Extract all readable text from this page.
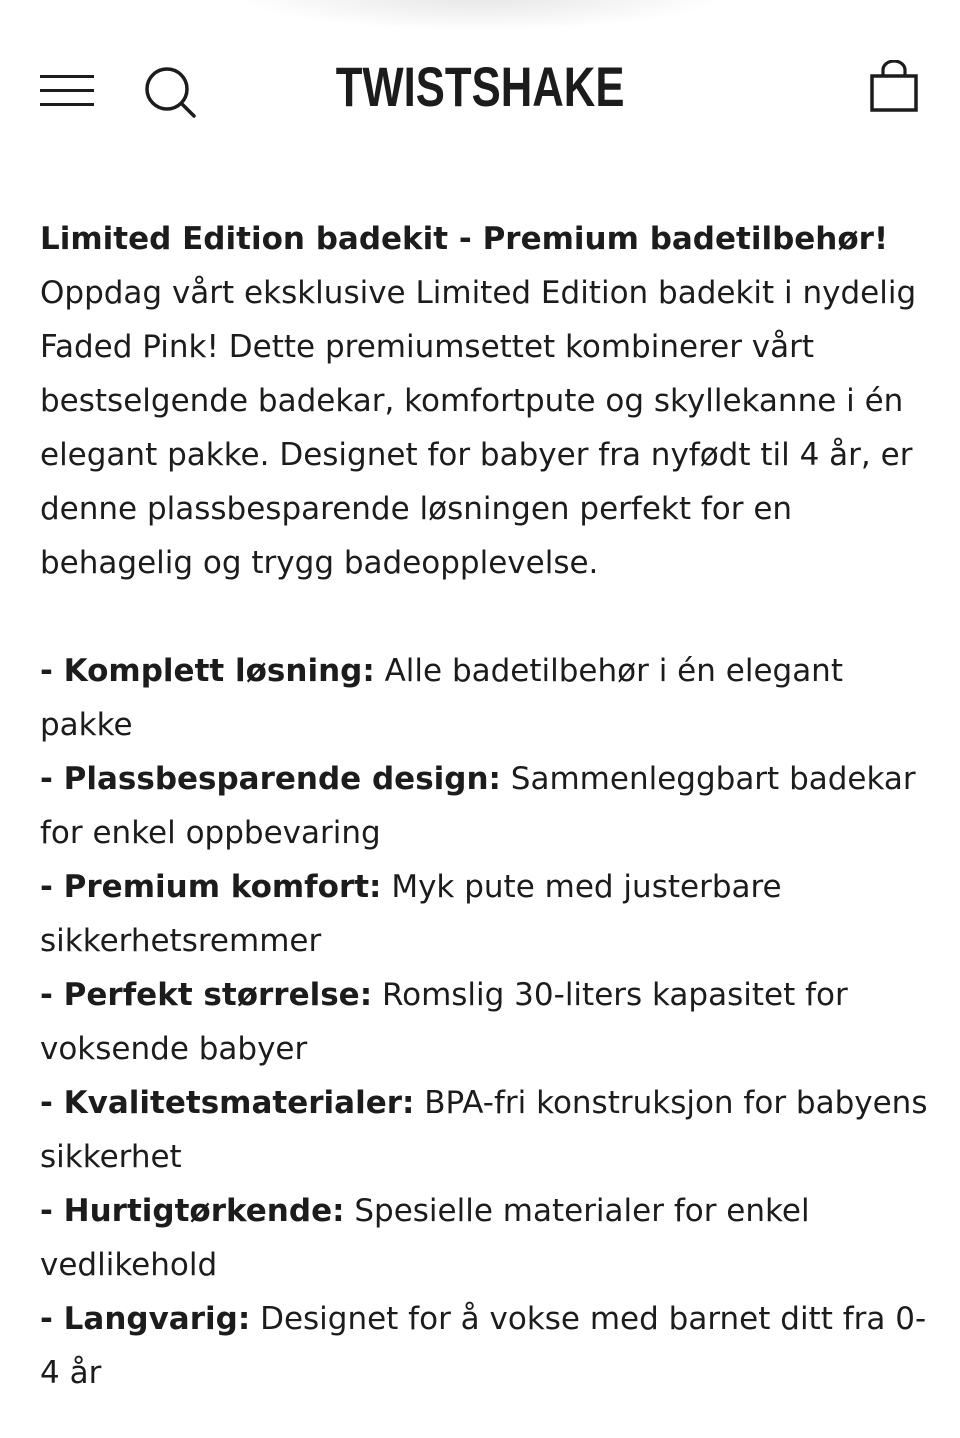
TWISTSHAKE

Limited Edition badekit - Premium badetilbehør!

Oppdag vårt eksklusive Limited Edition badekit i nydelig Faded Pink! Dette premiumsettet kombinerer vårt bestselgende badekar, komfortpute og skyllekanne i én elegant pakke. Designet for babyer fra nyfødt til 4 år, er denne plassbesparende løsningen perfekt for en behagelig og trygg badeopplevelse.

- Komplett løsning: Alle badetilbehør i én elegant pakke
- Plassbesparende design: Sammenleggbart badekar for enkel oppbevaring
- Premium komfort: Myk pute med justerbare sikkerhetsremmer
- Perfekt størrelse: Romslig 30-liters kapasitet for voksende babyer
- Kvalitetsmaterialer: BPA-fri konstruksjon for babyens sikkerhet
- Hurtigtørkende: Spesielle materialer for enkel vedlikehold
- Langvarig: Designet for å vokse med barnet ditt fra 0-4 år
